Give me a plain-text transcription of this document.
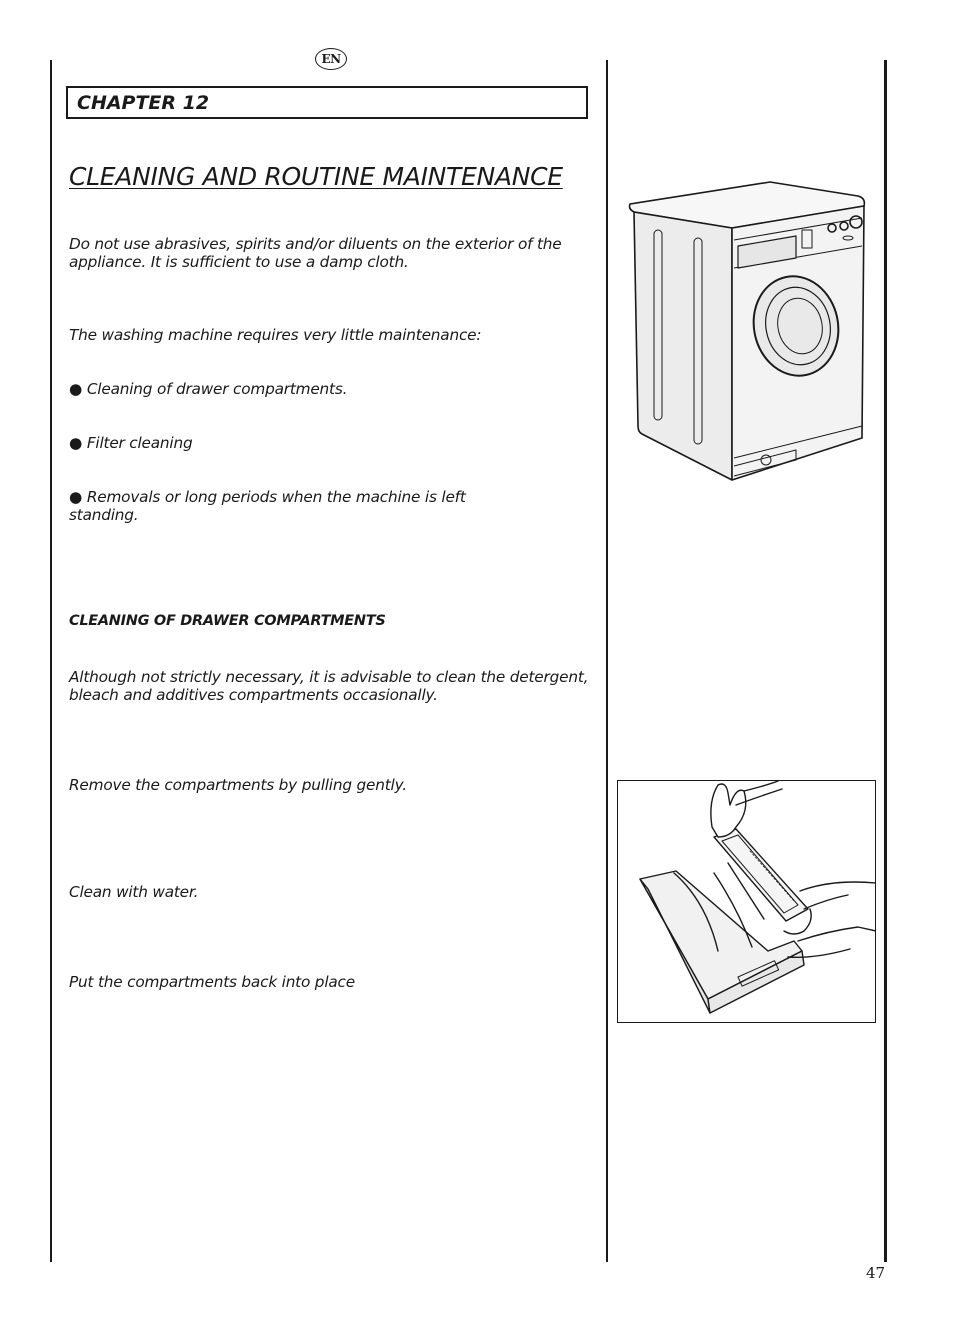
EN
CHAPTER 12
CLEANING AND ROUTINE MAINTENANCE
Do not use abrasives, spirits and/or diluents on the exterior of the appliance. It is sufficient to use a damp cloth.
The washing machine requires very little maintenance:
● Cleaning of drawer compartments.
● Filter cleaning
● Removals or long periods when the machine is left standing.
CLEANING OF DRAWER COMPARTMENTS
Although not strictly necessary, it is advisable to clean the detergent, bleach and additives compartments occasionally.
Remove the compartments by pulling gently.
Clean with water.
Put the compartments back into place
47
